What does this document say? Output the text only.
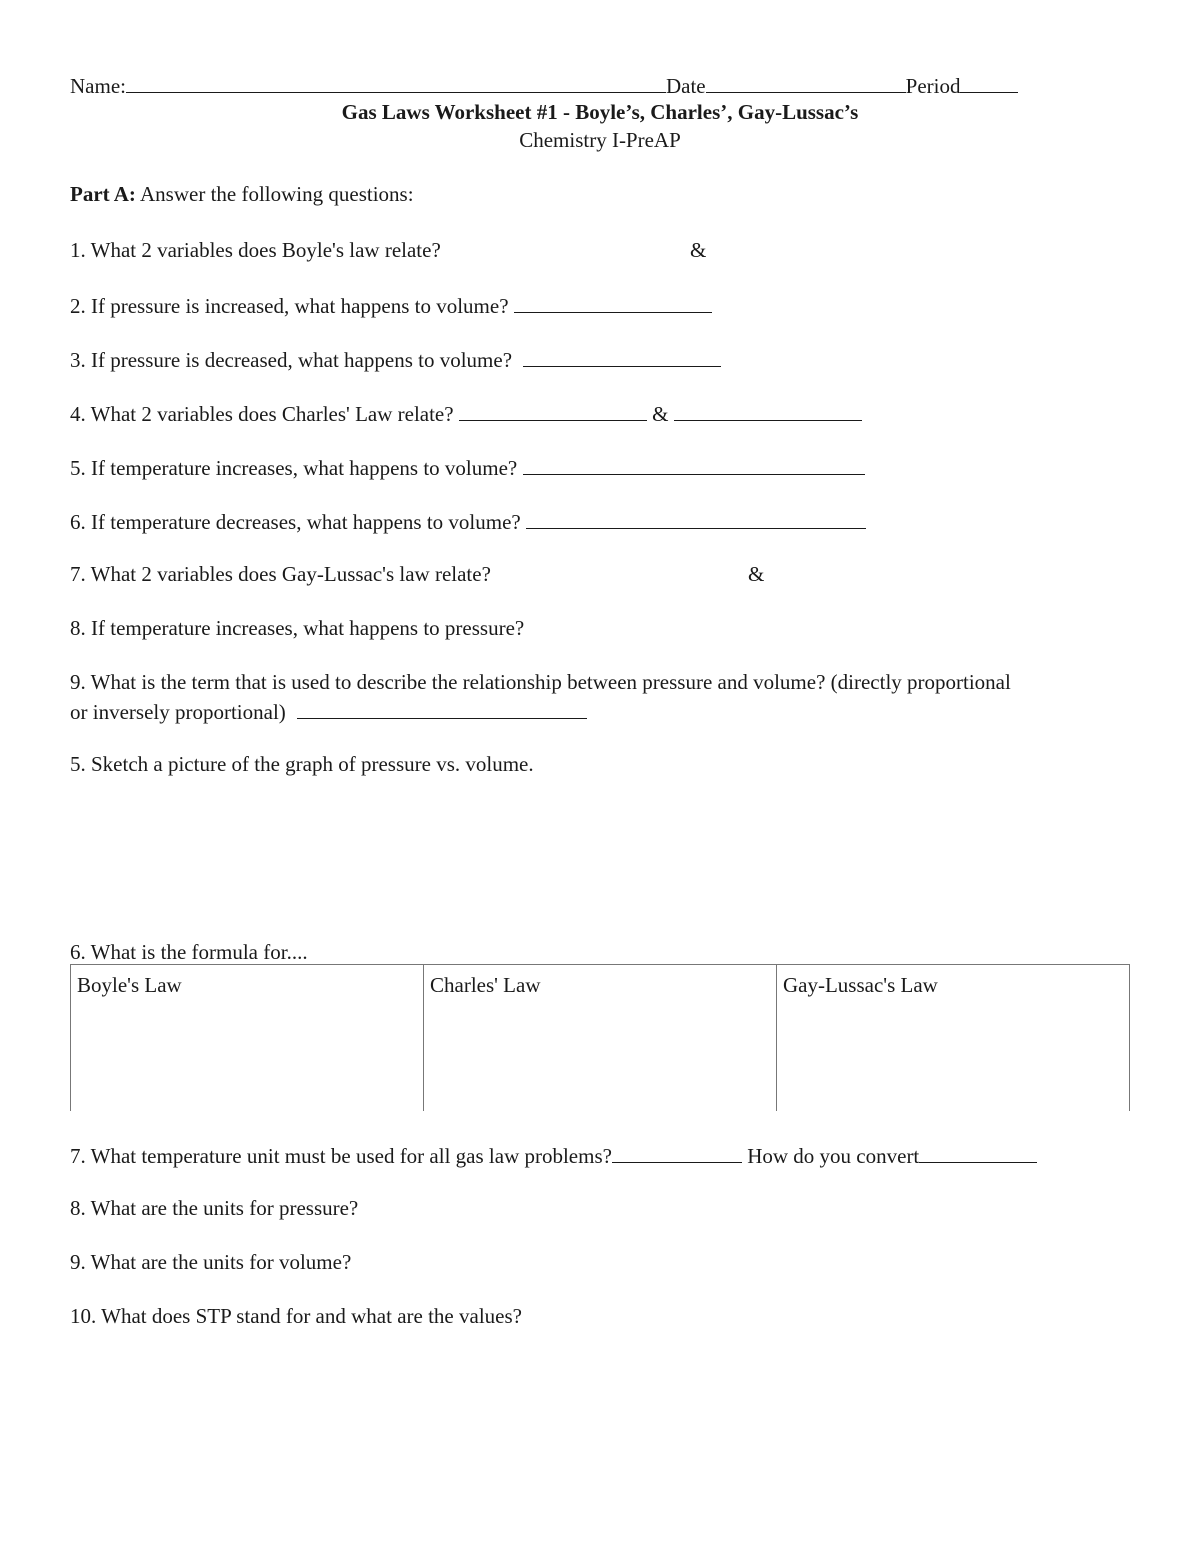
Name:	Date	Period
Gas Laws Worksheet #1 - Boyle’s, Charles’, Gay-Lussac’s
Chemistry I-PreAP
Part A: Answer the following questions:
1. What 2 variables does Boyle's law relate?	&
2. If pressure is increased, what happens to volume?
3. If pressure is decreased, what happens to volume?
4. What 2 variables does Charles' Law relate?	&
5. If temperature increases, what happens to volume?
6. If temperature decreases, what happens to volume?
7. What 2 variables does Gay-Lussac's law relate?	&
8. If temperature increases, what happens to pressure?
9. What is the term that is used to describe the relationship between pressure and volume? (directly proportional
or inversely proportional)
5. Sketch a picture of the graph of pressure vs. volume.
6. What is the formula for....
Boyle's Law	Charles' Law	Gay-Lussac's Law
7. What temperature unit must be used for all gas law problems?	How do you convert
8. What are the units for pressure?
9. What are the units for volume?
10. What does STP stand for and what are the values?
